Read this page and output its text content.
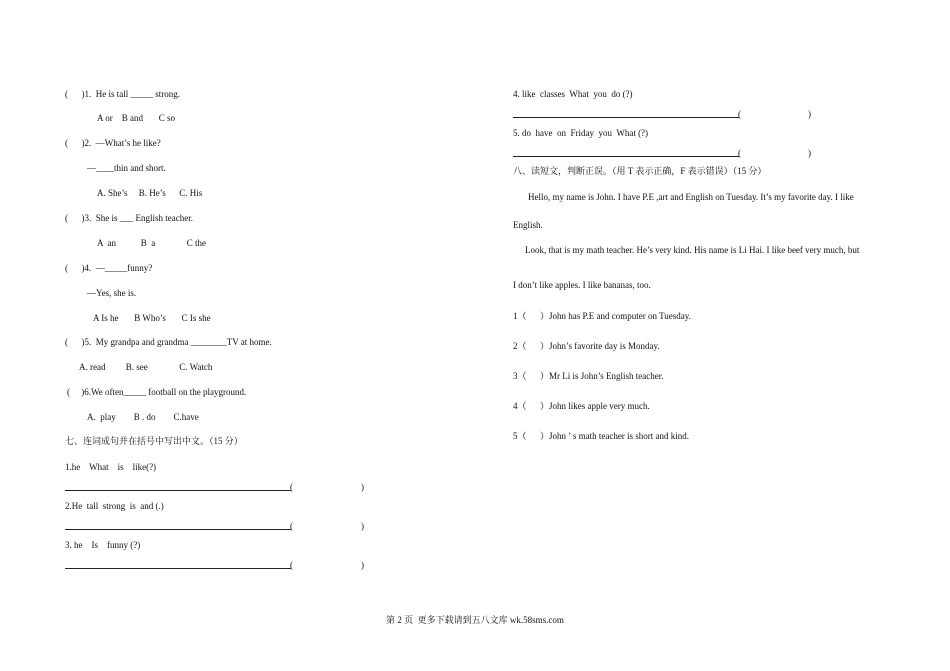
(      )1.  He is tall _____ strong.
A or    B and       C so
(      )2.  —What’s he like?
—____thin and short.
A. She’s     B. He’s      C. His
(      )3.  She is ___ English teacher.
A  an           B  a              C the
(      )4.  —_____funny?
—Yes, she is.
A Is he       B Who’s       C Is she
(      )5.  My grandpa and grandma ________TV at home.
A. read         B. see              C. Watch
(     )6.We often_____ football on the playground.
A.  play        B . do        C.have
七、连词成句并在括号中写出中文。（15 分）
1.he    What    is    like(?)
(	)
2.He  tall  strong  is  and (.)
(	)
3. he    Is    funny (?)
(	)
4. like  classes  What  you  do (?)
(	)
5. do  have  on  Friday  you  What (?)
(	)
八、读短文，判断正误。（用 T 表示正确，F 表示错误）（15 分）
Hello, my name is John. I have P.E ,art and English on Tuesday. It’s my favorite day. I like
English.
Look, that is my math teacher. He’s very kind. His name is Li Hai. I like beef very much, but
I don’t like apples. I like bananas, too.
1（      ）John has P.E and computer on Tuesday.
2（      ）John’s favorite day is Monday.
3（      ）Mr Li is John’s English teacher.
4（      ）John likes apple very much.
5（      ）John ’ s math teacher is short and kind.
第 2 页  更多下载请到五八文库 wk.58sms.com
